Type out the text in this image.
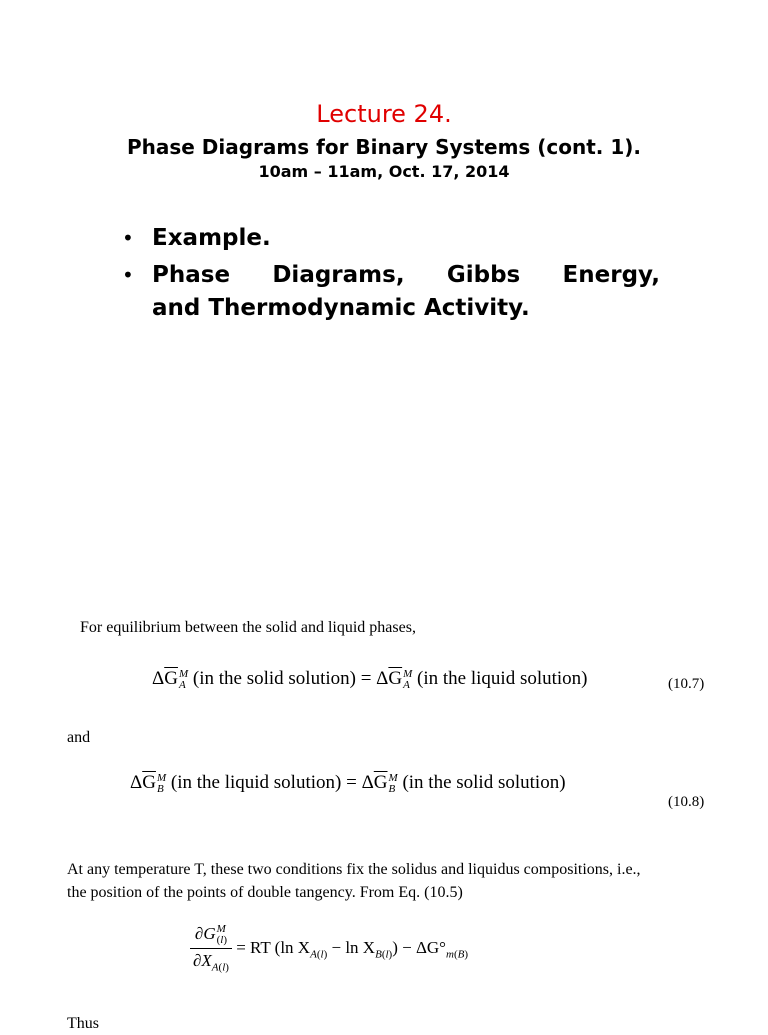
Lecture 24.
Phase Diagrams for Binary Systems (cont. 1).
10am – 11am, Oct. 17, 2014
• Example.
• Phase Diagrams, Gibbs Energy,
and Thermodynamic Activity.
For equilibrium between the solid and liquid phases,
$\Delta\overline{G}$ M
A (in the solid solution) = $\Delta\overline{G}$ M
A (in the liquid solution)	(10.7)
and
$\Delta\overline{G}$ M
B (in the liquid solution) = $\Delta\overline{G}$ M
B (in the solid solution)
(10.8)
At any temperature T, these two conditions fix the solidus and liquidus compositions, i.e.,
the position of the points of double tangency. From Eq. (10.5)
∂G M
(l)
$\partial X_{A(l)}$ = RT (ln $X_{A(l)} - \ln X_{B(l)}) - \Delta G^\circ_{m(B)}$
Thus
